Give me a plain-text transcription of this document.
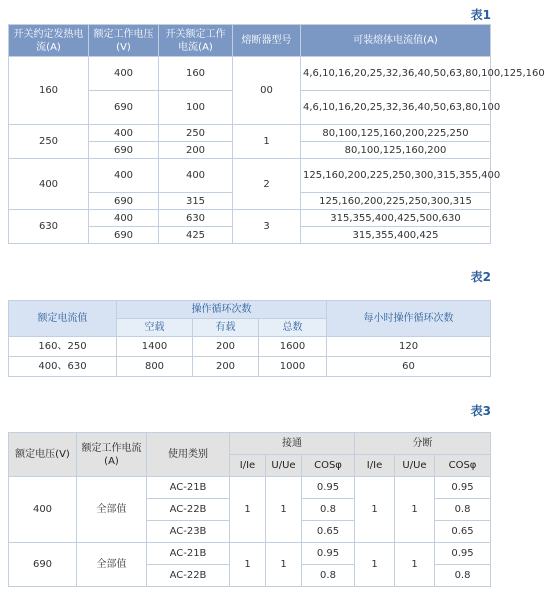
表1
开关约定发热电流(A)	额定工作电压(V)	开关额定工作电流(A)	熔断器型号	可装熔体电流值(A)
160	400	160	00	4,6,10,16,20,25,32,36,40,50,63,80,100,125,160
	690	100		4,6,10,16,20,25,32,36,40,50,63,80,100
250	400	250	1	80,100,125,160,200,225,250
	690	200		80,100,125,160,200
400	400	400	2	125,160,200,225,250,300,315,355,400
	690	315		125,160,200,225,250,300,315
630	400	630	3	315,355,400,425,500,630
	690	425		315,355,400,425
表2
额定电流值	操作循环次数			每小时操作循环次数
	空载	有载	总数	
160、250	1400	200	1600	120
400、630	800	200	1000	60
表3
额定电压(V)	额定工作电流(A)	使用类别	接通			分断		
			I/Ie	U/Ue	COSφ	I/Ie	U/Ue	COSφ
400	全部值	AC-21B	1	1	0.95	1	1	0.95
		AC-22B			0.8			0.8
		AC-23B			0.65			0.65
690	全部值	AC-21B	1	1	0.95	1	1	0.95
		AC-22B			0.8			0.8
